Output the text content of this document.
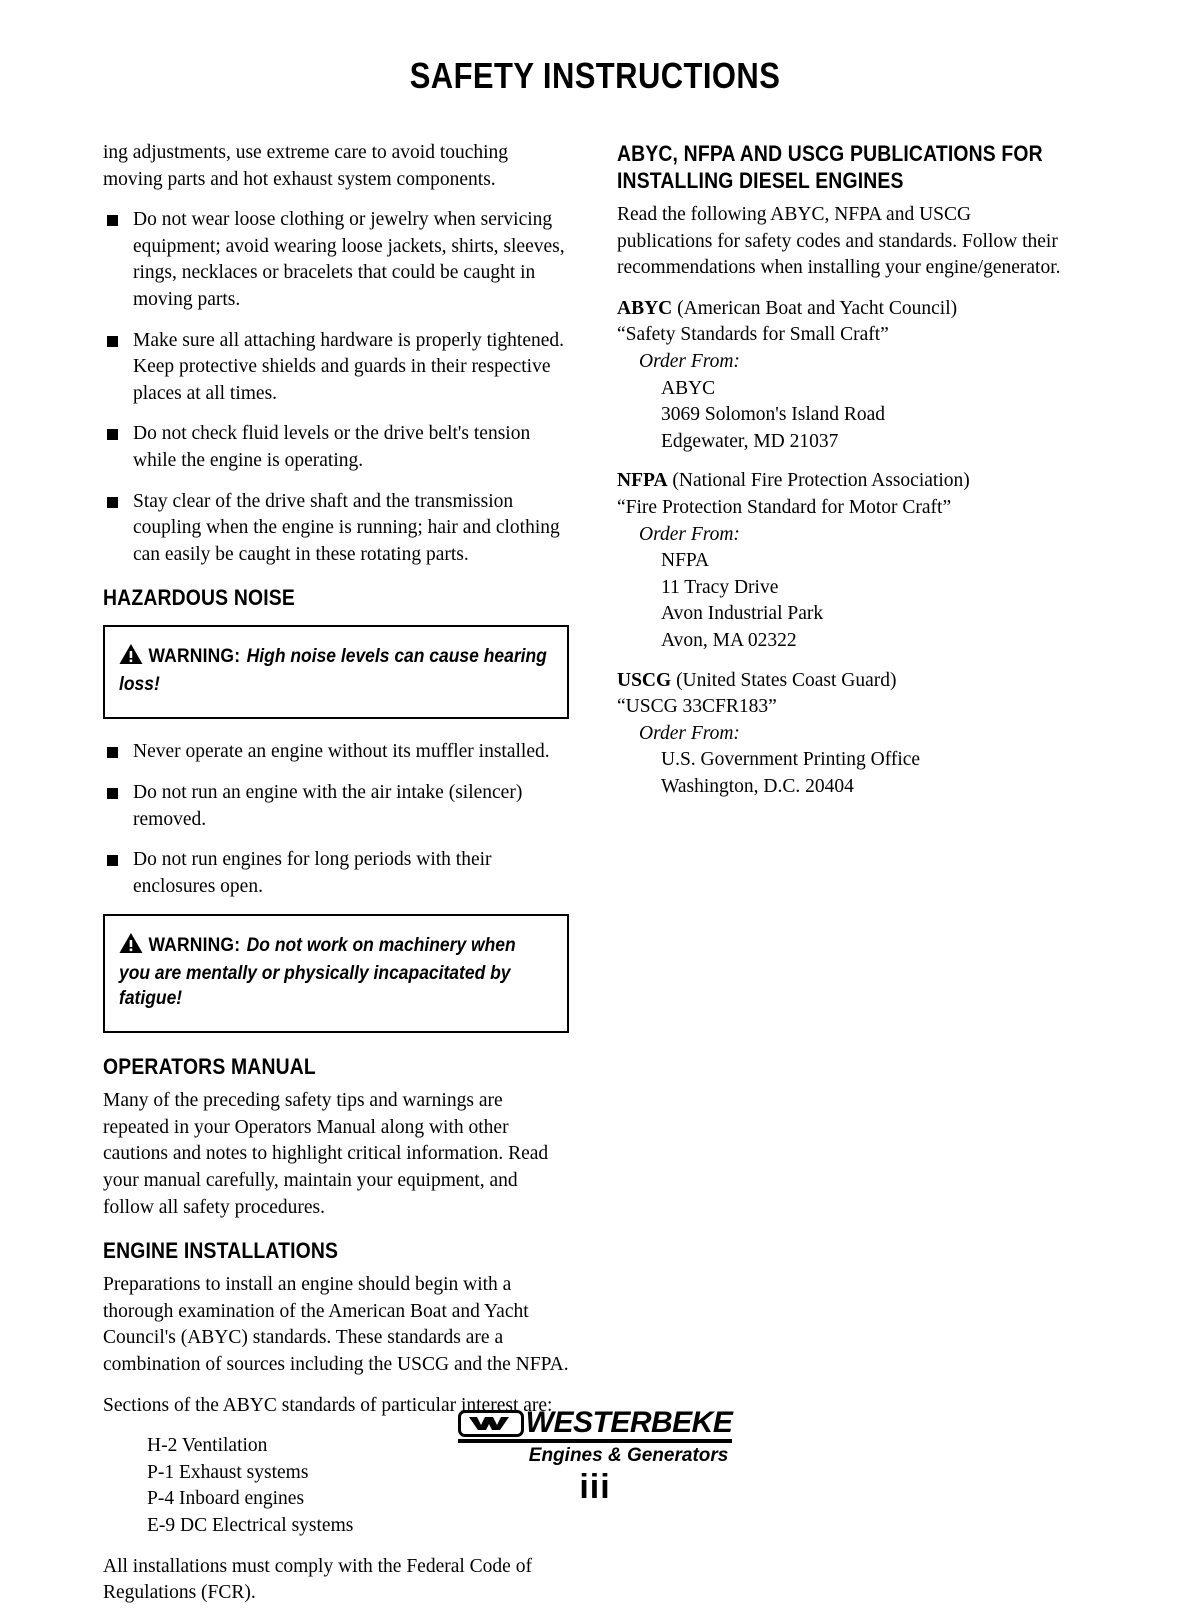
SAFETY INSTRUCTIONS

ing adjustments, use extreme care to avoid touching moving parts and hot exhaust system components.

Do not wear loose clothing or jewelry when servicing equipment; avoid wearing loose jackets, shirts, sleeves, rings, necklaces or bracelets that could be caught in moving parts.
Make sure all attaching hardware is properly tightened. Keep protective shields and guards in their respective places at all times.
Do not check fluid levels or the drive belt's tension while the engine is operating.
Stay clear of the drive shaft and the transmission coupling when the engine is running; hair and clothing can easily be caught in these rotating parts.
HAZARDOUS NOISE
WARNING: High noise levels can cause hearing loss!
Never operate an engine without its muffler installed.
Do not run an engine with the air intake (silencer) removed.
Do not run engines for long periods with their enclosures open.
WARNING: Do not work on machinery when you are mentally or physically incapacitated by fatigue!
OPERATORS MANUAL

Many of the preceding safety tips and warnings are repeated in your Operators Manual along with other cautions and notes to highlight critical information. Read your manual carefully, maintain your equipment, and follow all safety procedures.

ENGINE INSTALLATIONS

Preparations to install an engine should begin with a thorough examination of the American Boat and Yacht Council's (ABYC) standards. These standards are a combination of sources including the USCG and the NFPA.

Sections of the ABYC standards of particular interest are:

H-2 Ventilation
P-1 Exhaust systems
P-4 Inboard engines
E-9 DC Electrical systems

All installations must comply with the Federal Code of Regulations (FCR).

ABYC, NFPA AND USCG PUBLICATIONS FOR INSTALLING DIESEL ENGINES

Read the following ABYC, NFPA and USCG publications for safety codes and standards. Follow their recommendations when installing your engine/generator.

ABYC (American Boat and Yacht Council)
“Safety Standards for Small Craft”
Order From:
ABYC
3069 Solomon's Island Road
Edgewater, MD 21037
NFPA (National Fire Protection Association)
“Fire Protection Standard for Motor Craft”
Order From:
NFPA
11 Tracy Drive
Avon Industrial Park
Avon, MA 02322
USCG (United States Coast Guard)
“USCG 33CFR183”
Order From:
U.S. Government Printing Office
Washington, D.C. 20404
WESTERBEKE
Engines & Generators
iii
